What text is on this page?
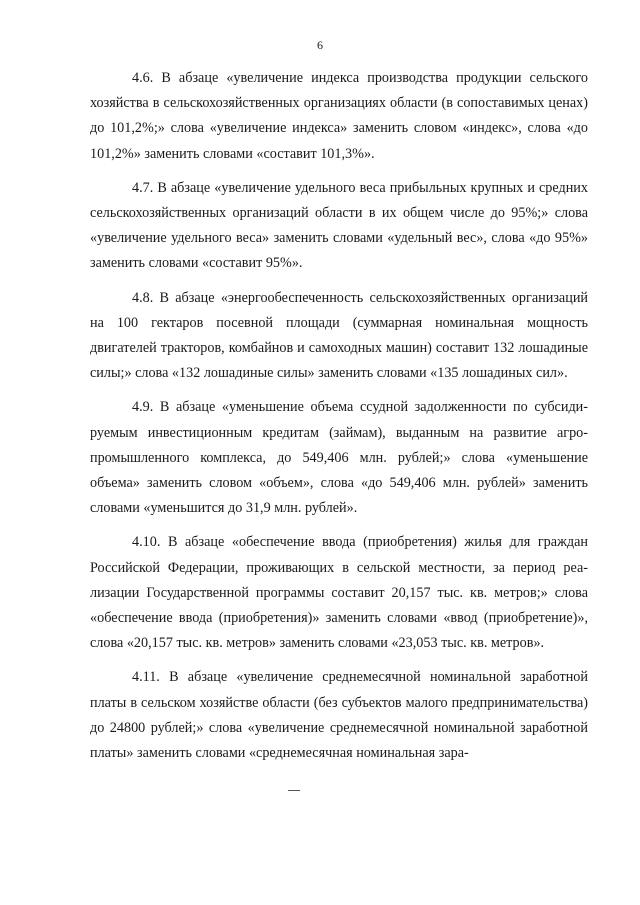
6

4.6. В абзаце «увеличение индекса производства продукции сельского хозяйства в сельскохозяйственных организациях области (в сопоставимых ценах) до 101,2%;» слова «увеличение индекса» заменить словом «индекс», слова «до 101,2%» заменить словами «составит 101,3%».

4.7. В абзаце «увеличение удельного веса прибыльных крупных и средних сельскохозяйственных организаций области в их общем числе до 95%;» слова «увеличение удельного веса» заменить словами «удельный вес», слова «до 95%» заменить словами «составит 95%».

4.8. В абзаце «энергообеспеченность сельскохозяйственных организаций на 100 гектаров посевной площади (суммарная номинальная мощность двигателей тракторов, комбайнов и самоходных машин) составит 132 лошадиные силы;» слова «132 лошадиные силы» заменить словами «135 лошадиных сил».

4.9. В абзаце «уменьшение объема ссудной задолженности по субсидируемым инвестиционным кредитам (займам), выданным на развитие агропромышленного комплекса, до 549,406 млн. рублей;» слова «уменьшение объема» заменить словом «объем», слова «до 549,406 млн. рублей» заменить словами «уменьшится до 31,9 млн. рублей».

4.10. В абзаце «обеспечение ввода (приобретения) жилья для граждан Российской Федерации, проживающих в сельской местности, за период реализации Государственной программы составит 20,157 тыс. кв. метров;» слова «обеспечение ввода (приобретения)» заменить словами «ввод (приобретение)», слова «20,157 тыс. кв. метров» заменить словами «23,053 тыс. кв. метров».

4.11. В абзаце «увеличение среднемесячной номинальной заработной платы в сельском хозяйстве области (без субъектов малого предпринимательства) до 24800 рублей;» слова «увеличение среднемесячной номинальной заработной платы» заменить словами «среднемесячная номинальная зара-
